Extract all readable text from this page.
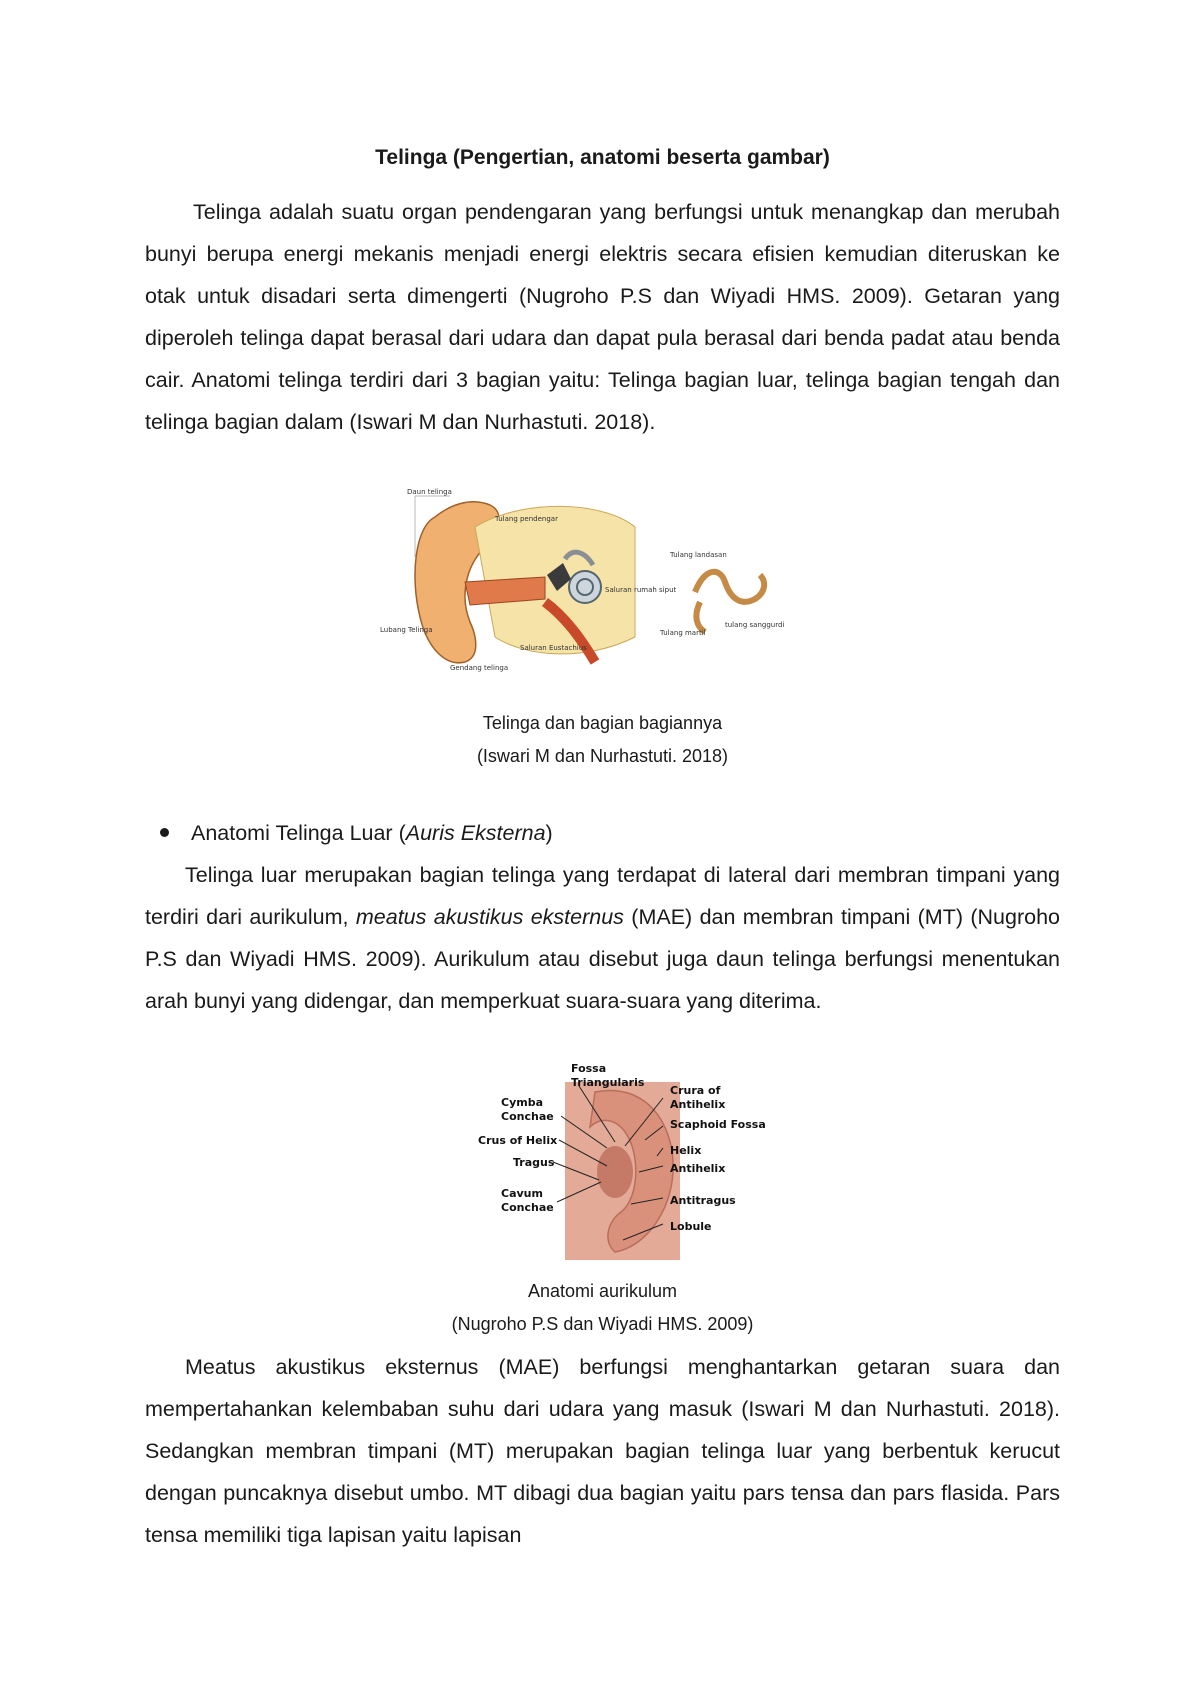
Telinga (Pengertian, anatomi beserta gambar)

Telinga adalah suatu organ pendengaran yang berfungsi untuk menangkap dan merubah bunyi berupa energi mekanis menjadi energi elektris secara efisien kemudian diteruskan ke otak untuk disadari serta dimengerti (Nugroho P.S dan Wiyadi HMS. 2009). Getaran yang diperoleh telinga dapat berasal dari udara dan dapat pula berasal dari benda padat atau benda cair. Anatomi telinga terdiri dari 3 bagian yaitu: Telinga bagian luar, telinga bagian tengah dan telinga bagian dalam (Iswari M dan Nurhastuti. 2018).

Daun telinga
Tulang pendengar
Saluran rumah siput
Lubang Telinga
Saluran Eustachius
Gendang telinga
Tulang landasan
tulang sanggurdi
Tulang martil

Telinga dan bagian bagiannya

(Iswari M dan Nurhastuti. 2018)

Anatomi Telinga Luar (Auris Eksterna)

Telinga luar merupakan bagian telinga yang terdapat di lateral dari membran timpani yang terdiri dari aurikulum, meatus akustikus eksternus (MAE) dan membran timpani (MT) (Nugroho P.S dan Wiyadi HMS. 2009). Aurikulum atau disebut juga daun telinga berfungsi menentukan arah bunyi yang didengar, dan memperkuat suara-suara yang diterima.

Fossa
Triangularis
Cymba
Conchae
Crus of Helix
Tragus
Cavum
Conchae
Crura of
Antihelix
Scaphoid Fossa
Helix
Antihelix
Antitragus
Lobule

Anatomi aurikulum

(Nugroho P.S dan Wiyadi HMS. 2009)

Meatus akustikus eksternus (MAE) berfungsi menghantarkan getaran suara dan mempertahankan kelembaban suhu dari udara yang masuk (Iswari M dan Nurhastuti. 2018). Sedangkan membran timpani (MT) merupakan bagian telinga luar yang berbentuk kerucut dengan puncaknya disebut umbo. MT dibagi dua bagian yaitu pars tensa dan pars flasida. Pars tensa memiliki tiga lapisan yaitu lapisan
